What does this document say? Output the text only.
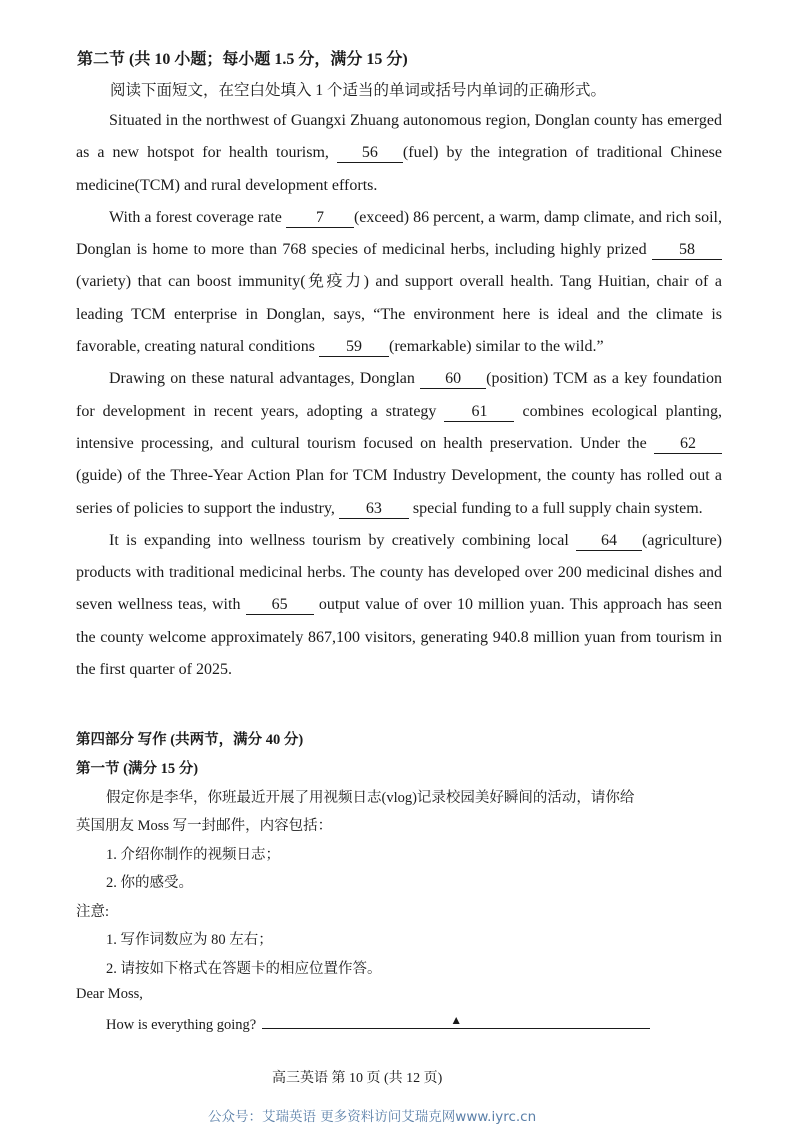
第二节 (共 10 小题；每小题 1.5 分，满分 15 分)
阅读下面短文，在空白处填入 1 个适当的单词或括号内单词的正确形式。

Situated in the northwest of Guangxi Zhuang autonomous region, Donglan county has emerged as a new hotspot for health tourism, 56 (fuel) by the integration of traditional Chinese medicine(TCM) and rural development efforts.

With a forest coverage rate 7 (exceed) 86 percent, a warm, damp climate, and rich soil, Donglan is home to more than 768 species of medicinal herbs, including highly prized 58(variety) that can boost immunity(免疫力) and support overall health. Tang Huitian, chair of a leading TCM enterprise in Donglan, says, “The environment here is ideal and the climate is favorable, creating natural conditions 59 (remarkable) similar to the wild.”

Drawing on these natural advantages, Donglan 60 (position) TCM as a key foundation for development in recent years, adopting a strategy 61 combines ecological planting, intensive processing, and cultural tourism focused on health preservation. Under the 62(guide) of the Three-Year Action Plan for TCM Industry Development, the county has rolled out a series of policies to support the industry, 63 special funding to a full supply chain system.

It is expanding into wellness tourism by creatively combining local 64 (agriculture) products with traditional medicinal herbs. The county has developed over 200 medicinal dishes and seven wellness teas, with 65 output value of over 10 million yuan. This approach has seen the county welcome approximately 867,100 visitors, generating 940.8 million yuan from tourism in the first quarter of 2025.

第四部分 写作 (共两节，满分 40 分)
第一节 (满分 15 分)
假定你是李华，你班最近开展了用视频日志(vlog)记录校园美好瞬间的活动，请你给
英国朋友 Moss 写一封邮件，内容包括：
1. 介绍你制作的视频日志；
2. 你的感受。
注意:
1. 写作词数应为 80 左右；
2. 请按如下格式在答题卡的相应位置作答。
Dear Moss,
How is everything going?	▲
高三英语 第 10 页 (共 12 页)
公众号：艾瑞英语 更多资料访问艾瑞克网www.iyrc.cn
